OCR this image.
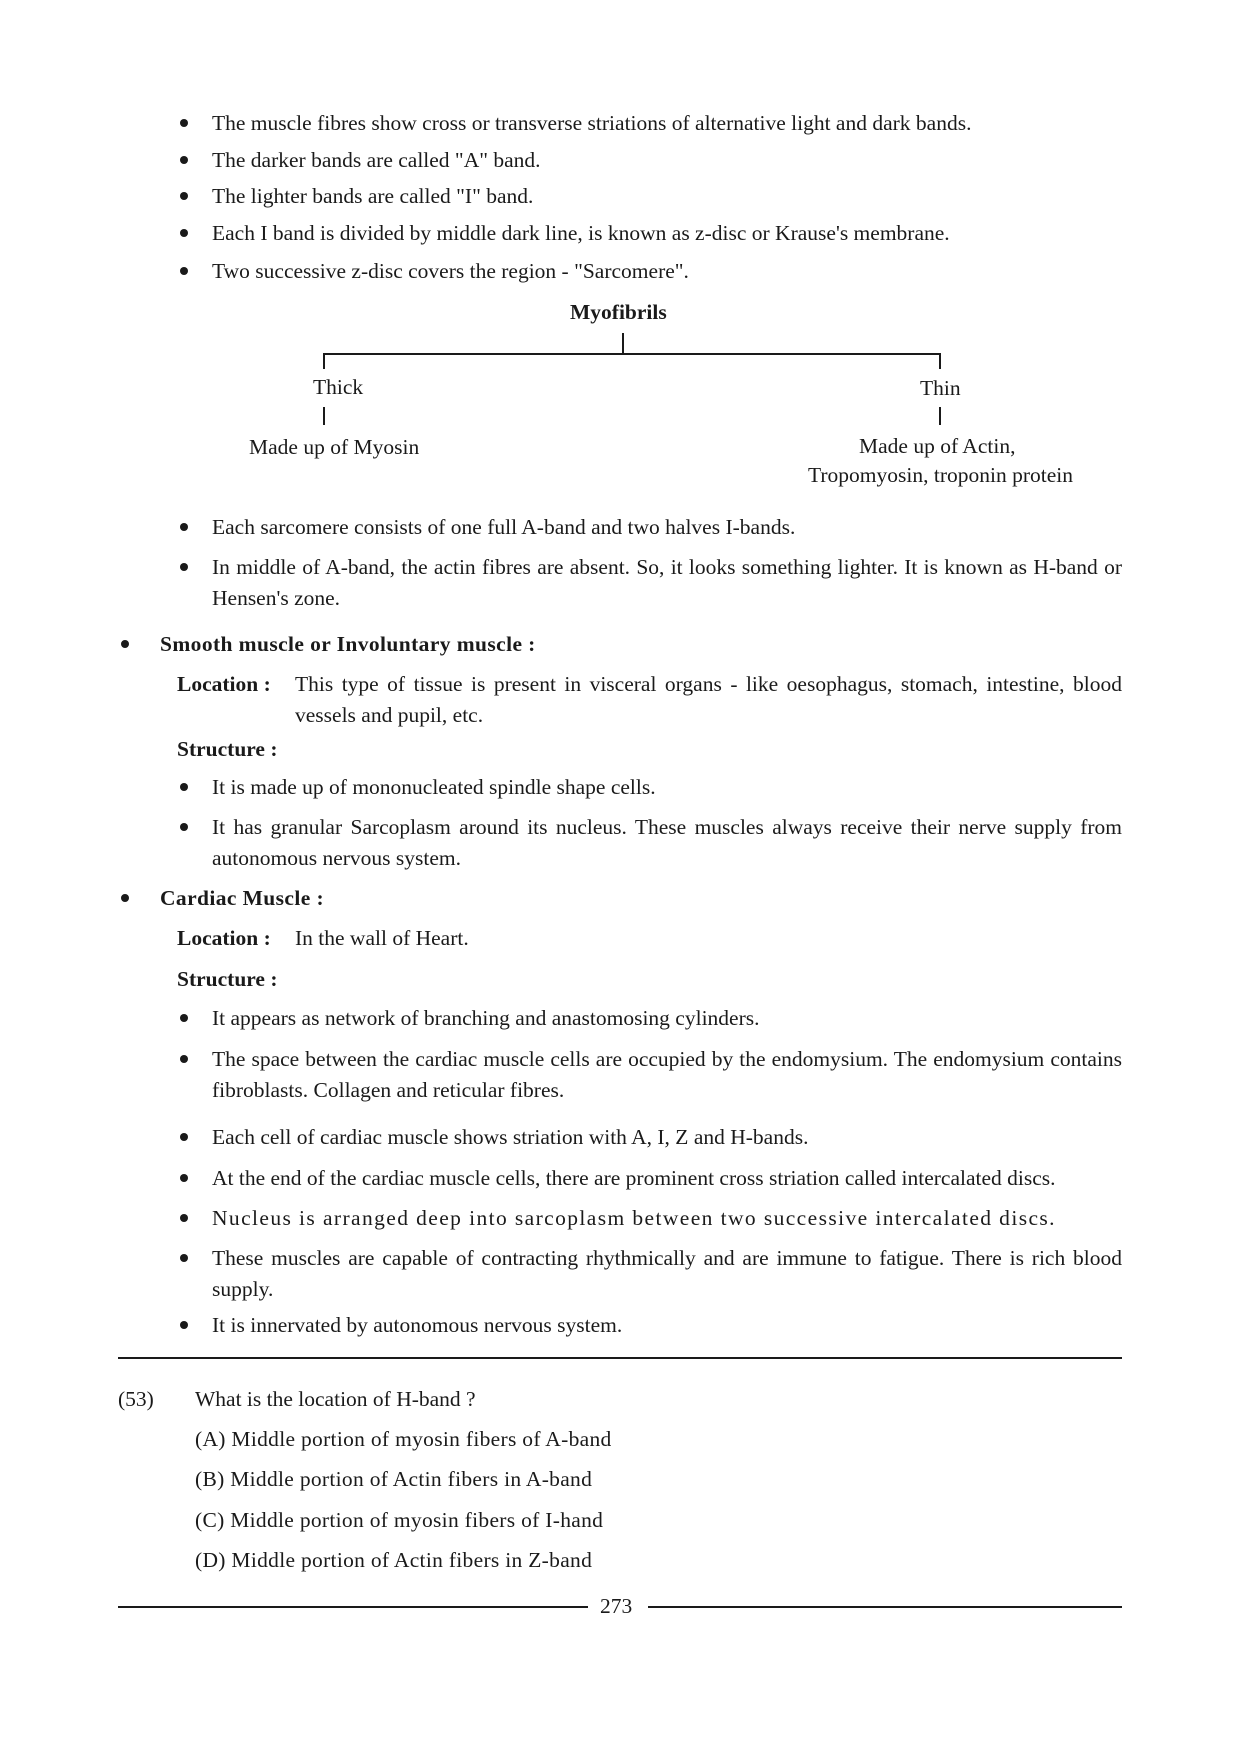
The muscle fibres show cross or transverse striations of alternative light and dark bands.
The darker bands are called "A" band.
The lighter bands are called "I" band.
Each I band is divided by middle dark line, is known as z-disc or Krause's membrane.
Two successive z-disc covers the region - "Sarcomere".
Myofibrils
Thick
Made up of Myosin
Thin
Made up of Actin,
Tropomyosin, troponin protein
Each sarcomere consists of one full A-band and two halves I-bands.
In middle of A-band, the actin fibres are absent. So, it looks something lighter. It is known as H-band or Hensen's zone.
Smooth muscle or Involuntary muscle :
Location : This type of tissue is present in visceral organs - like oesophagus, stomach, intestine, blood vessels and pupil, etc.
Structure :
It is made up of mononucleated spindle shape cells.
It has granular Sarcoplasm around its nucleus. These muscles always receive their nerve supply from autonomous nervous system.
Cardiac Muscle :
Location : In the wall of Heart.
Structure :
It appears as network of branching and anastomosing cylinders.
The space between the cardiac muscle cells are occupied by the endomysium. The endomysium contains fibroblasts. Collagen and reticular fibres.
Each cell of cardiac muscle shows striation with A, I, Z and H-bands.
At the end of the cardiac muscle cells, there are prominent cross striation called intercalated discs.
Nucleus is arranged deep into sarcoplasm between two successive intercalated discs.
These muscles are capable of contracting rhythmically and are immune to fatigue. There is rich blood supply.
It is innervated by autonomous nervous system.
(53) What is the location of H-band ?
(A) Middle portion of myosin fibers of A-band
(B) Middle portion of Actin fibers in A-band
(C) Middle portion of myosin fibers of I-hand
(D) Middle portion of Actin fibers in Z-band
273
